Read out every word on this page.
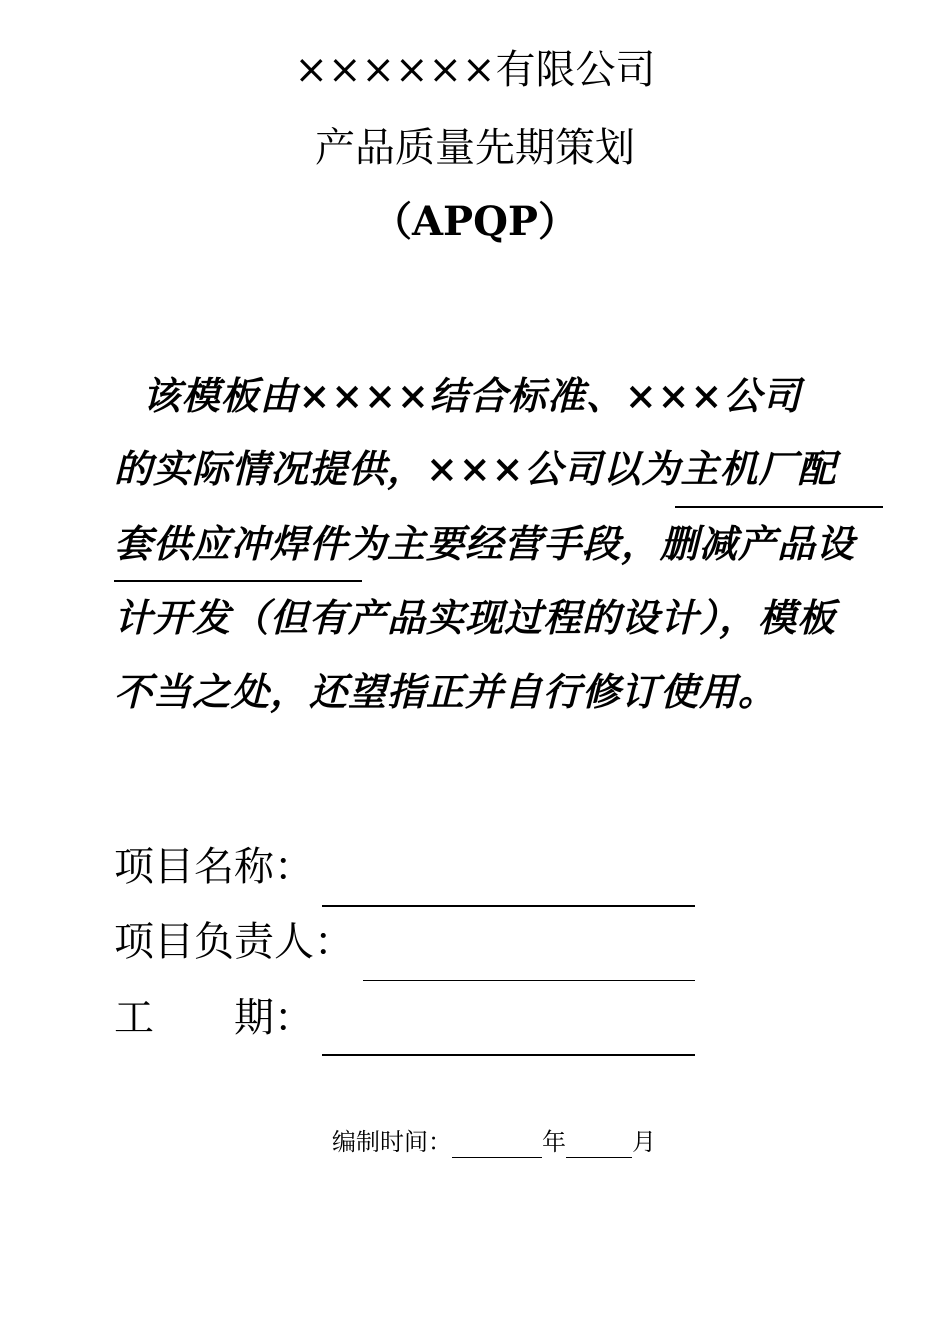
××××××有限公司
产品质量先期策划
（APQP）
该模板由××××结合标准、×××公司
的实际情况提供，×××公司以为主机厂配
套供应冲焊件为主要经营手段，删减产品设
计开发（但有产品实现过程的设计），模板
不当之处，还望指正并自行修订使用。
项目名称：
项目负责人：
工　　期：
编制时间：	年	月
